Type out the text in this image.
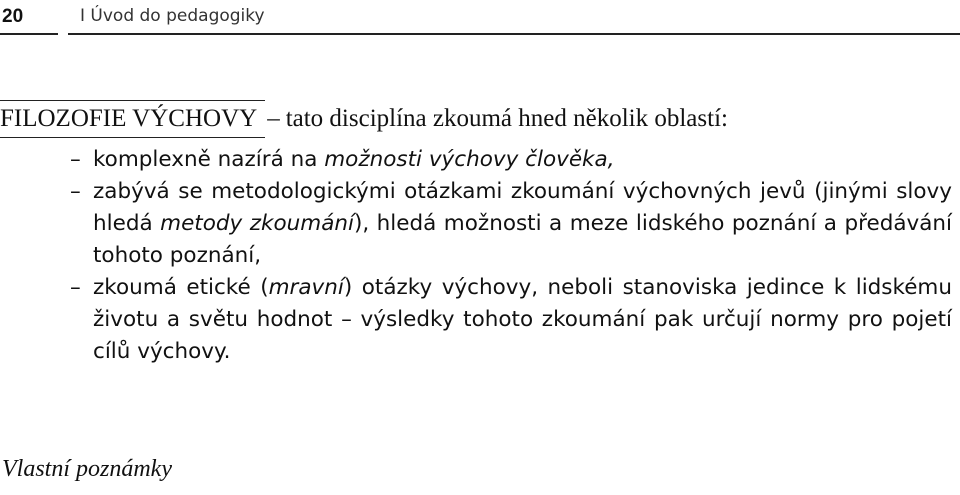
20	I Úvod do pedagogiky
FILOZOFIE VÝCHOVY – tato disciplína zkoumá hned několik oblastí:
– komplexně nazírá na možnosti výchovy člověka,
– zabývá se metodologickými otázkami zkoumání výchovných jevů (jinými slovy hledá metody zkoumání), hledá možnosti a meze lidského poznání a předávání tohoto poznání,
– zkoumá etické (mravní) otázky výchovy, neboli stanoviska jedince k lidskému životu a světu hodnot – výsledky tohoto zkoumání pak určují normy pro pojetí cílů výchovy.
Vlastní poznámky
